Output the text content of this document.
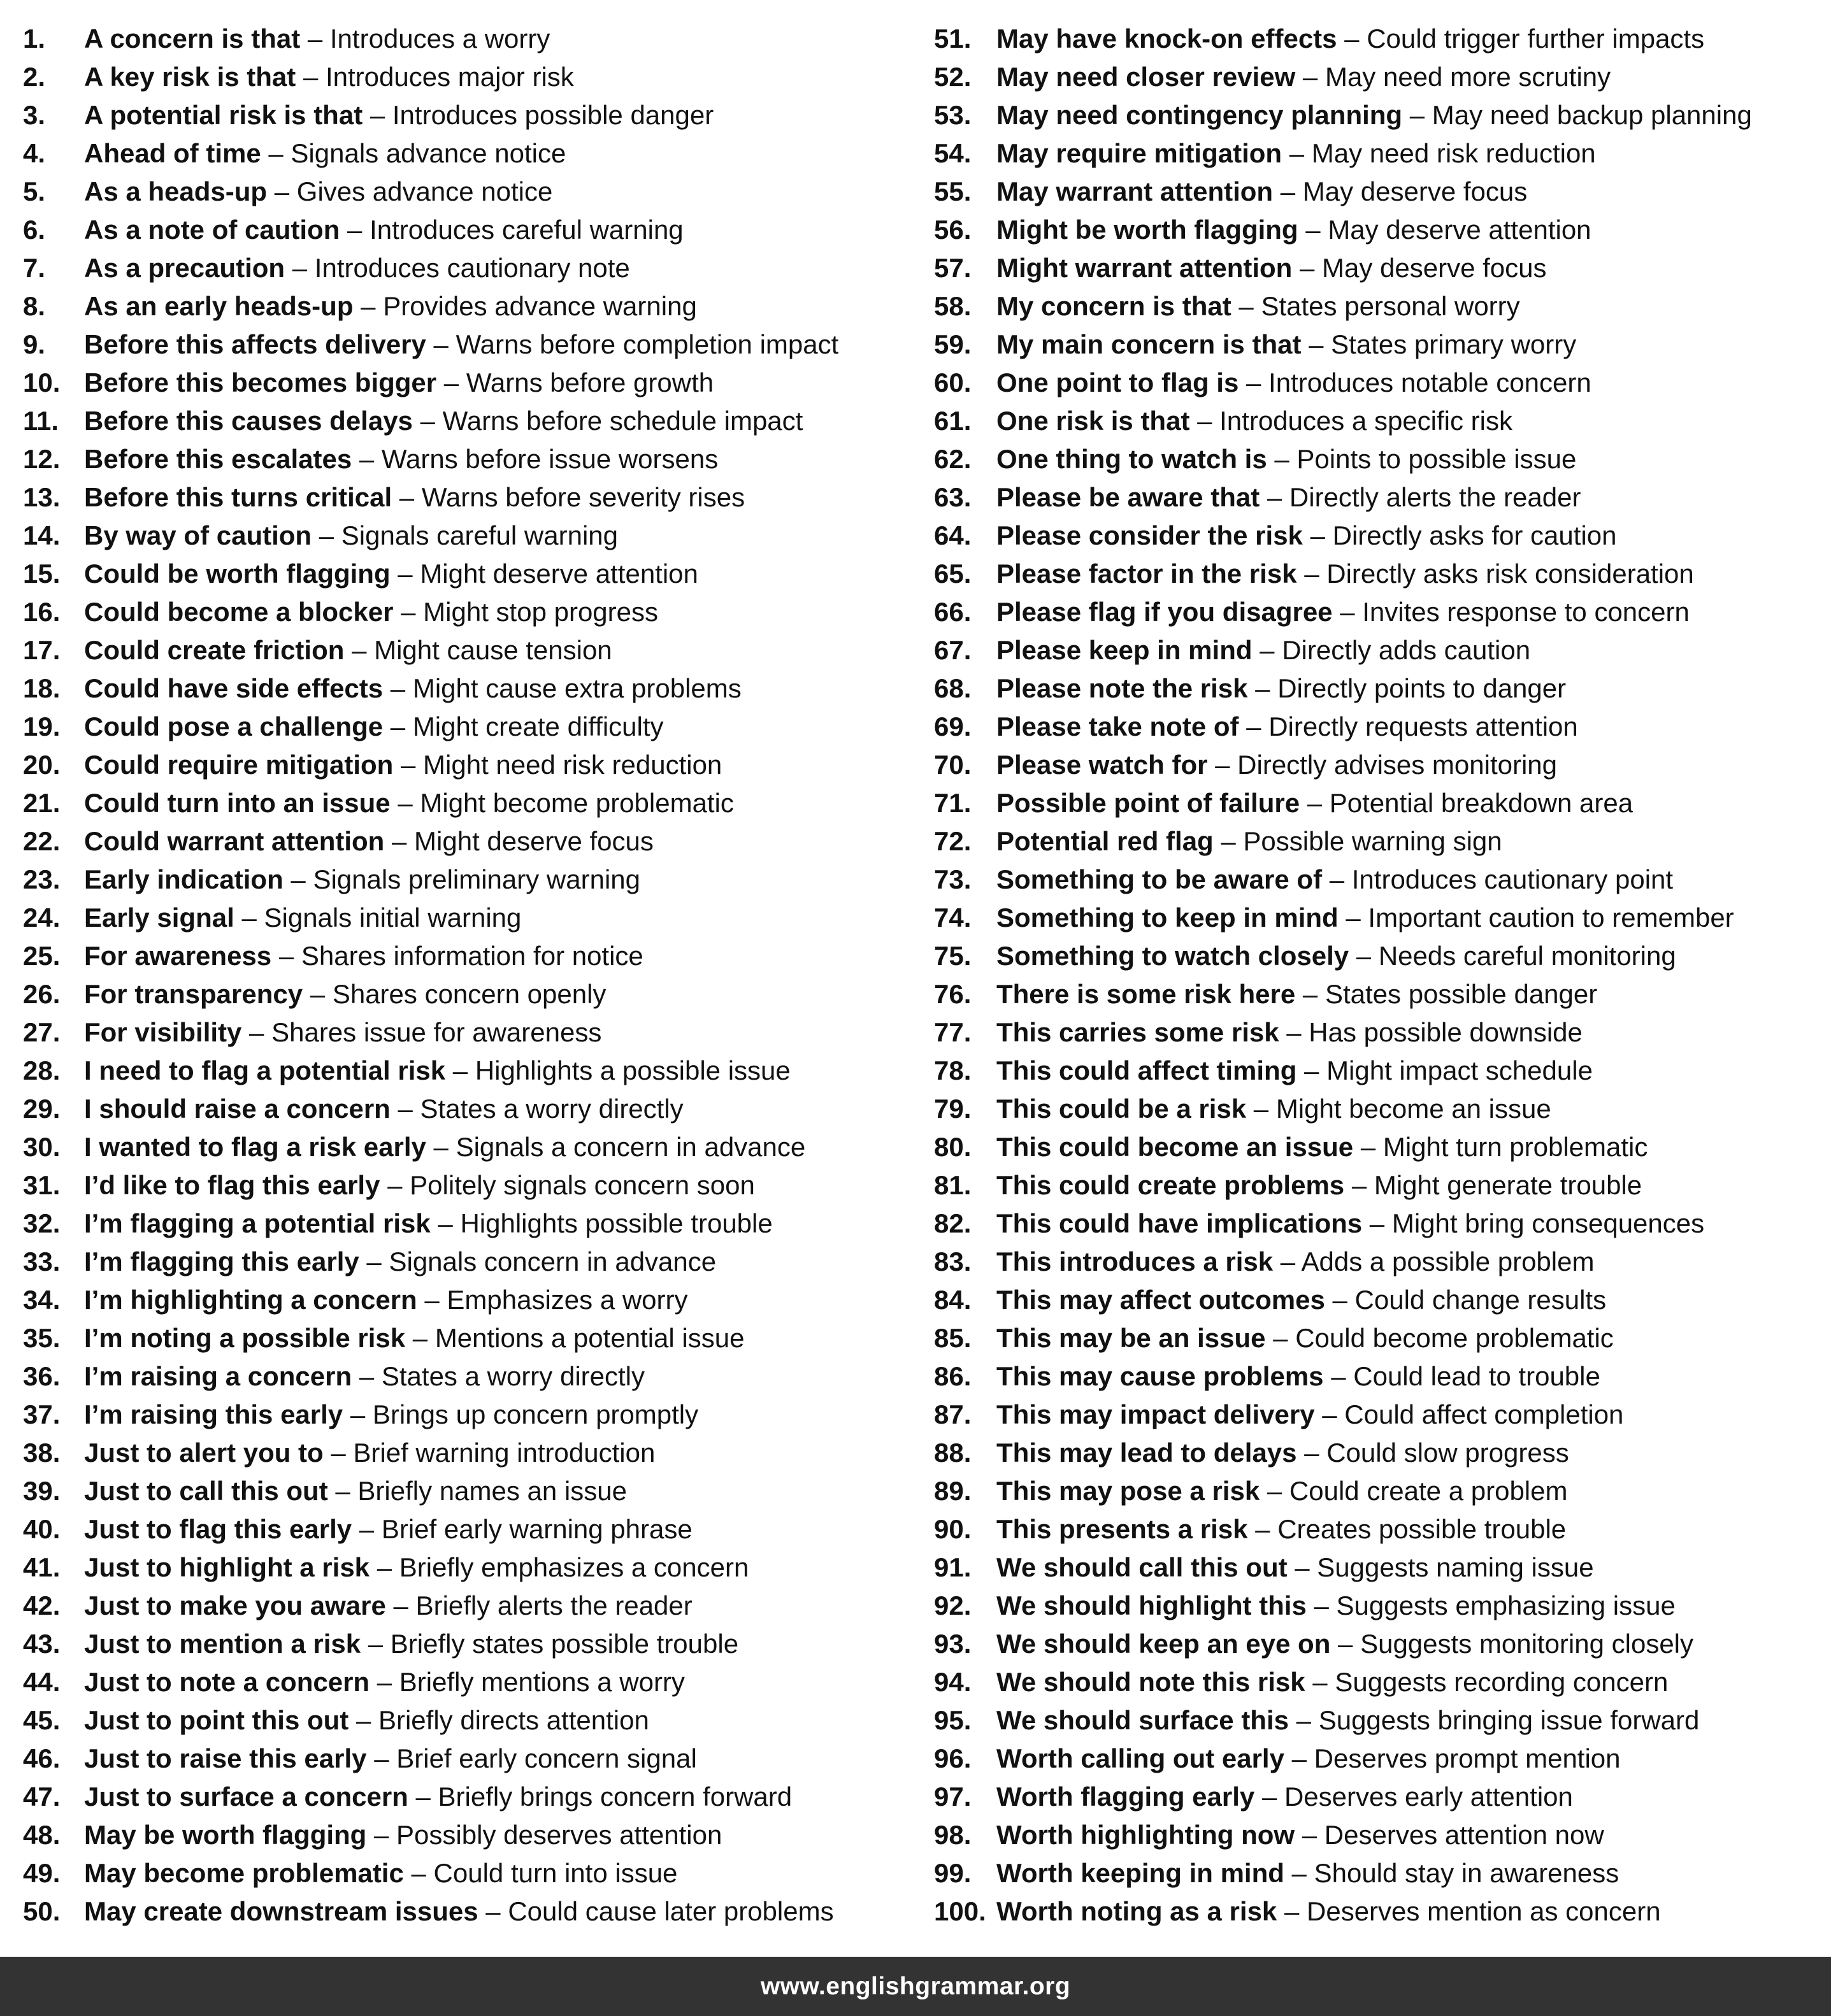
1.	A concern is that – Introduces a worry
2.	A key risk is that – Introduces major risk
3.	A potential risk is that – Introduces possible danger
4.	Ahead of time – Signals advance notice
5.	As a heads-up – Gives advance notice
6.	As a note of caution – Introduces careful warning
7.	As a precaution – Introduces cautionary note
8.	As an early heads-up – Provides advance warning
9.	Before this affects delivery – Warns before completion impact
10. Before this becomes bigger – Warns before growth
11. Before this causes delays – Warns before schedule impact
12. Before this escalates – Warns before issue worsens
13. Before this turns critical – Warns before severity rises
14. By way of caution – Signals careful warning
15. Could be worth flagging – Might deserve attention
16. Could become a blocker – Might stop progress
17. Could create friction – Might cause tension
18. Could have side effects – Might cause extra problems
19. Could pose a challenge – Might create difficulty
20. Could require mitigation – Might need risk reduction
21. Could turn into an issue – Might become problematic
22. Could warrant attention – Might deserve focus
23. Early indication – Signals preliminary warning
24. Early signal – Signals initial warning
25. For awareness – Shares information for notice
26. For transparency – Shares concern openly
27. For visibility – Shares issue for awareness
28. I need to flag a potential risk – Highlights a possible issue
29. I should raise a concern – States a worry directly
30. I wanted to flag a risk early – Signals a concern in advance
31. I’d like to flag this early – Politely signals concern soon
32. I’m flagging a potential risk – Highlights possible trouble
33. I’m flagging this early – Signals concern in advance
34. I’m highlighting a concern – Emphasizes a worry
35. I’m noting a possible risk – Mentions a potential issue
36. I’m raising a concern – States a worry directly
37. I’m raising this early – Brings up concern promptly
38. Just to alert you to – Brief warning introduction
39. Just to call this out – Briefly names an issue
40. Just to flag this early – Brief early warning phrase
41. Just to highlight a risk – Briefly emphasizes a concern
42. Just to make you aware – Briefly alerts the reader
43. Just to mention a risk – Briefly states possible trouble
44. Just to note a concern – Briefly mentions a worry
45. Just to point this out – Briefly directs attention
46. Just to raise this early – Brief early concern signal
47. Just to surface a concern – Briefly brings concern forward
48. May be worth flagging – Possibly deserves attention
49. May become problematic – Could turn into issue
50. May create downstream issues – Could cause later problems
51. May have knock-on effects – Could trigger further impacts
52. May need closer review – May need more scrutiny
53. May need contingency planning – May need backup planning
54. May require mitigation – May need risk reduction
55. May warrant attention – May deserve focus
56. Might be worth flagging – May deserve attention
57. Might warrant attention – May deserve focus
58. My concern is that – States personal worry
59. My main concern is that – States primary worry
60. One point to flag is – Introduces notable concern
61. One risk is that – Introduces a specific risk
62. One thing to watch is – Points to possible issue
63. Please be aware that – Directly alerts the reader
64. Please consider the risk – Directly asks for caution
65. Please factor in the risk – Directly asks risk consideration
66. Please flag if you disagree – Invites response to concern
67. Please keep in mind – Directly adds caution
68. Please note the risk – Directly points to danger
69. Please take note of – Directly requests attention
70. Please watch for – Directly advises monitoring
71. Possible point of failure – Potential breakdown area
72. Potential red flag – Possible warning sign
73. Something to be aware of – Introduces cautionary point
74. Something to keep in mind – Important caution to remember
75. Something to watch closely – Needs careful monitoring
76. There is some risk here – States possible danger
77. This carries some risk – Has possible downside
78. This could affect timing – Might impact schedule
79. This could be a risk – Might become an issue
80. This could become an issue – Might turn problematic
81. This could create problems – Might generate trouble
82. This could have implications – Might bring consequences
83. This introduces a risk – Adds a possible problem
84. This may affect outcomes – Could change results
85. This may be an issue – Could become problematic
86. This may cause problems – Could lead to trouble
87. This may impact delivery – Could affect completion
88. This may lead to delays – Could slow progress
89. This may pose a risk – Could create a problem
90. This presents a risk – Creates possible trouble
91. We should call this out – Suggests naming issue
92. We should highlight this – Suggests emphasizing issue
93. We should keep an eye on – Suggests monitoring closely
94. We should note this risk – Suggests recording concern
95. We should surface this – Suggests bringing issue forward
96. Worth calling out early – Deserves prompt mention
97. Worth flagging early – Deserves early attention
98. Worth highlighting now – Deserves attention now
99. Worth keeping in mind – Should stay in awareness
100. Worth noting as a risk – Deserves mention as concern
www.englishgrammar.org
